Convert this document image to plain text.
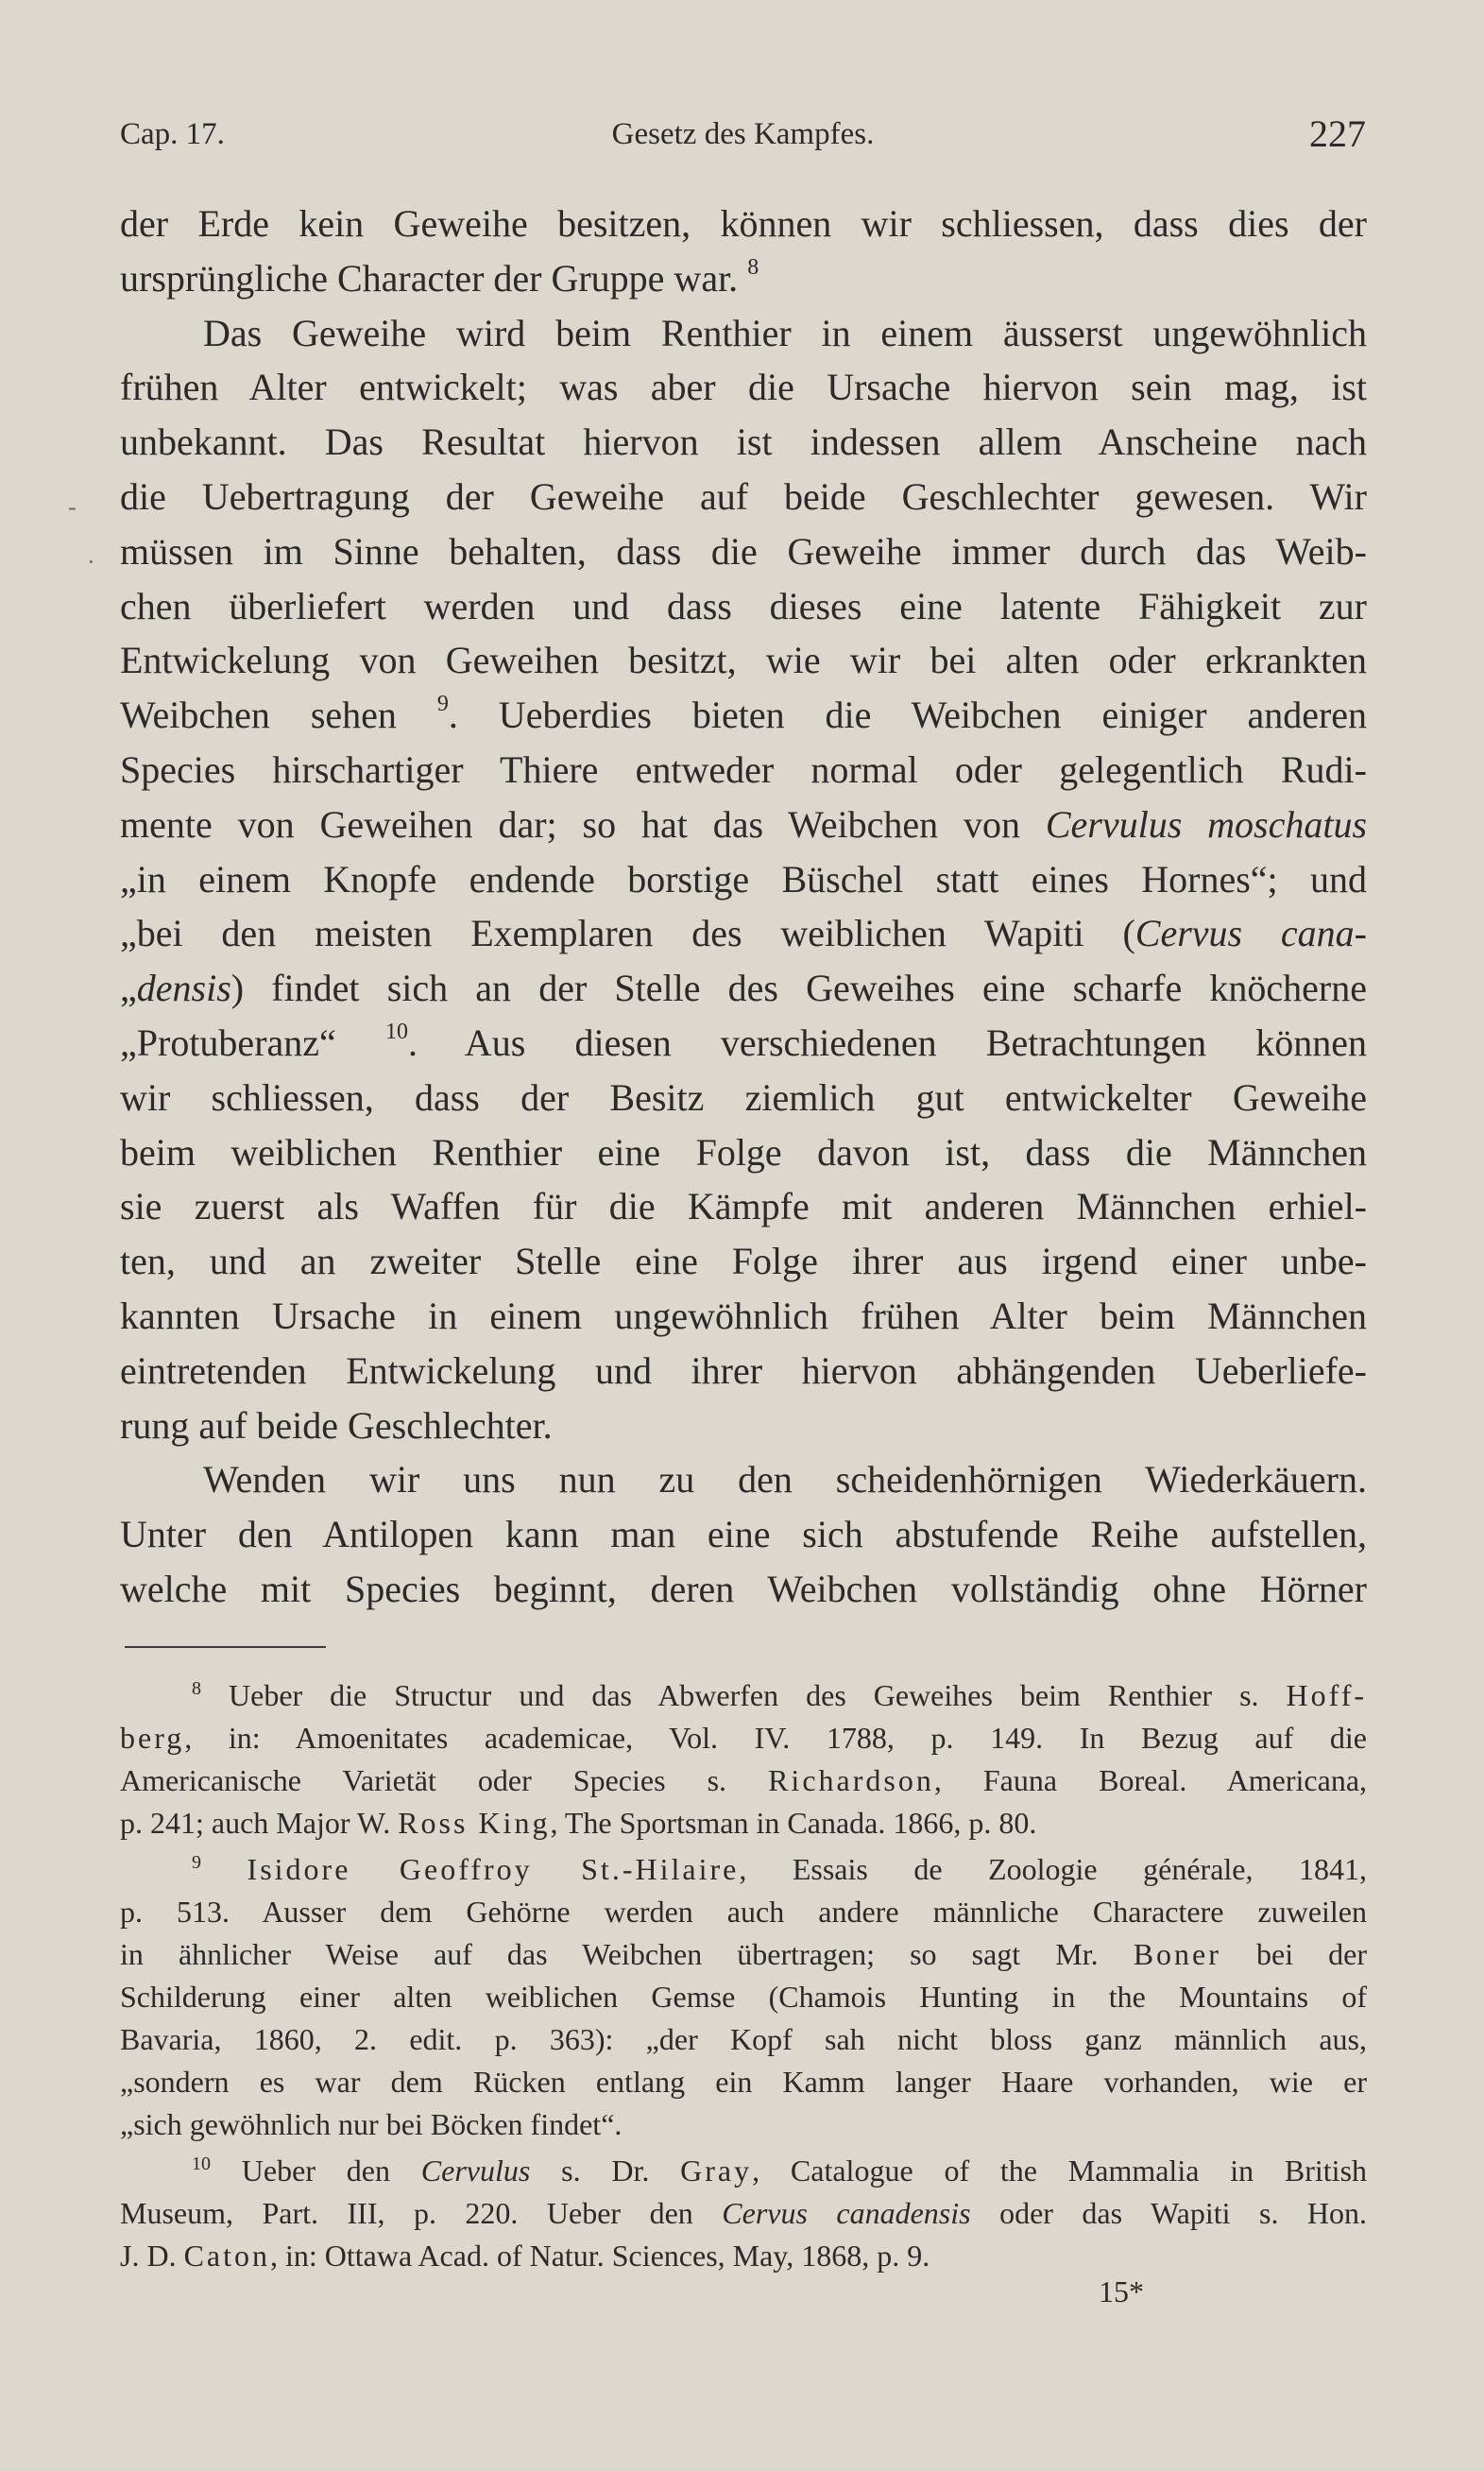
Cap. 17.	Gesetz des Kampfes.	227
-
·
der Erde kein Geweihe besitzen, können wir schliessen, dass dies der
ursprüngliche Character der Gruppe war. $^8$
Das Geweihe wird beim Renthier in einem äusserst ungewöhnlich
frühen Alter entwickelt; was aber die Ursache hiervon sein mag, ist
unbekannt. Das Resultat hiervon ist indessen allem Anscheine nach
die Uebertragung der Geweihe auf beide Geschlechter gewesen. Wir
müssen im Sinne behalten, dass die Geweihe immer durch das Weib-
chen überliefert werden und dass dieses eine latente Fähigkeit zur
Entwickelung von Geweihen besitzt, wie wir bei alten oder erkrankten
Weibchen sehen $^9$. Ueberdies bieten die Weibchen einiger anderen
Species hirschartiger Thiere entweder normal oder gelegentlich Rudi-
mente von Geweihen dar; so hat das Weibchen von Cervulus moschatus
„in einem Knopfe endende borstige Büschel statt eines Hornes“; und
„bei den meisten Exemplaren des weiblichen Wapiti (Cervus cana-
„densis) findet sich an der Stelle des Geweihes eine scharfe knöcherne
„Protuberanz“ $^{10}$. Aus diesen verschiedenen Betrachtungen können
wir schliessen, dass der Besitz ziemlich gut entwickelter Geweihe
beim weiblichen Renthier eine Folge davon ist, dass die Männchen
sie zuerst als Waffen für die Kämpfe mit anderen Männchen erhiel-
ten, und an zweiter Stelle eine Folge ihrer aus irgend einer unbe-
kannten Ursache in einem ungewöhnlich frühen Alter beim Männchen
eintretenden Entwickelung und ihrer hiervon abhängenden Ueberliefe-
rung auf beide Geschlechter.
Wenden wir uns nun zu den scheidenhörnigen Wiederkäuern.
Unter den Antilopen kann man eine sich abstufende Reihe aufstellen,
welche mit Species beginnt, deren Weibchen vollständig ohne Hörner
$^8$ Ueber die Structur und das Abwerfen des Geweihes beim Renthier s. Hoff-
berg, in: Amoenitates academicae, Vol. IV. 1788, p. 149. In Bezug auf die
Americanische Varietät oder Species s. Richardson, Fauna Boreal. Americana,
p. 241; auch Major W. Ross King, The Sportsman in Canada. 1866, p. 80.
$^9$ Isidore Geoffroy St.-Hilaire, Essais de Zoologie générale, 1841,
p. 513. Ausser dem Gehörne werden auch andere männliche Charactere zuweilen
in ähnlicher Weise auf das Weibchen übertragen; so sagt Mr. Boner bei der
Schilderung einer alten weiblichen Gemse (Chamois Hunting in the Mountains of
Bavaria, 1860, 2. edit. p. 363): „der Kopf sah nicht bloss ganz männlich aus,
„sondern es war dem Rücken entlang ein Kamm langer Haare vorhanden, wie er
„sich gewöhnlich nur bei Böcken findet“.
$^{10}$ Ueber den Cervulus s. Dr. Gray, Catalogue of the Mammalia in British
Museum, Part. III, p. 220. Ueber den Cervus canadensis oder das Wapiti s. Hon.
J. D. Caton, in: Ottawa Acad. of Natur. Sciences, May, 1868, p. 9.
15*
